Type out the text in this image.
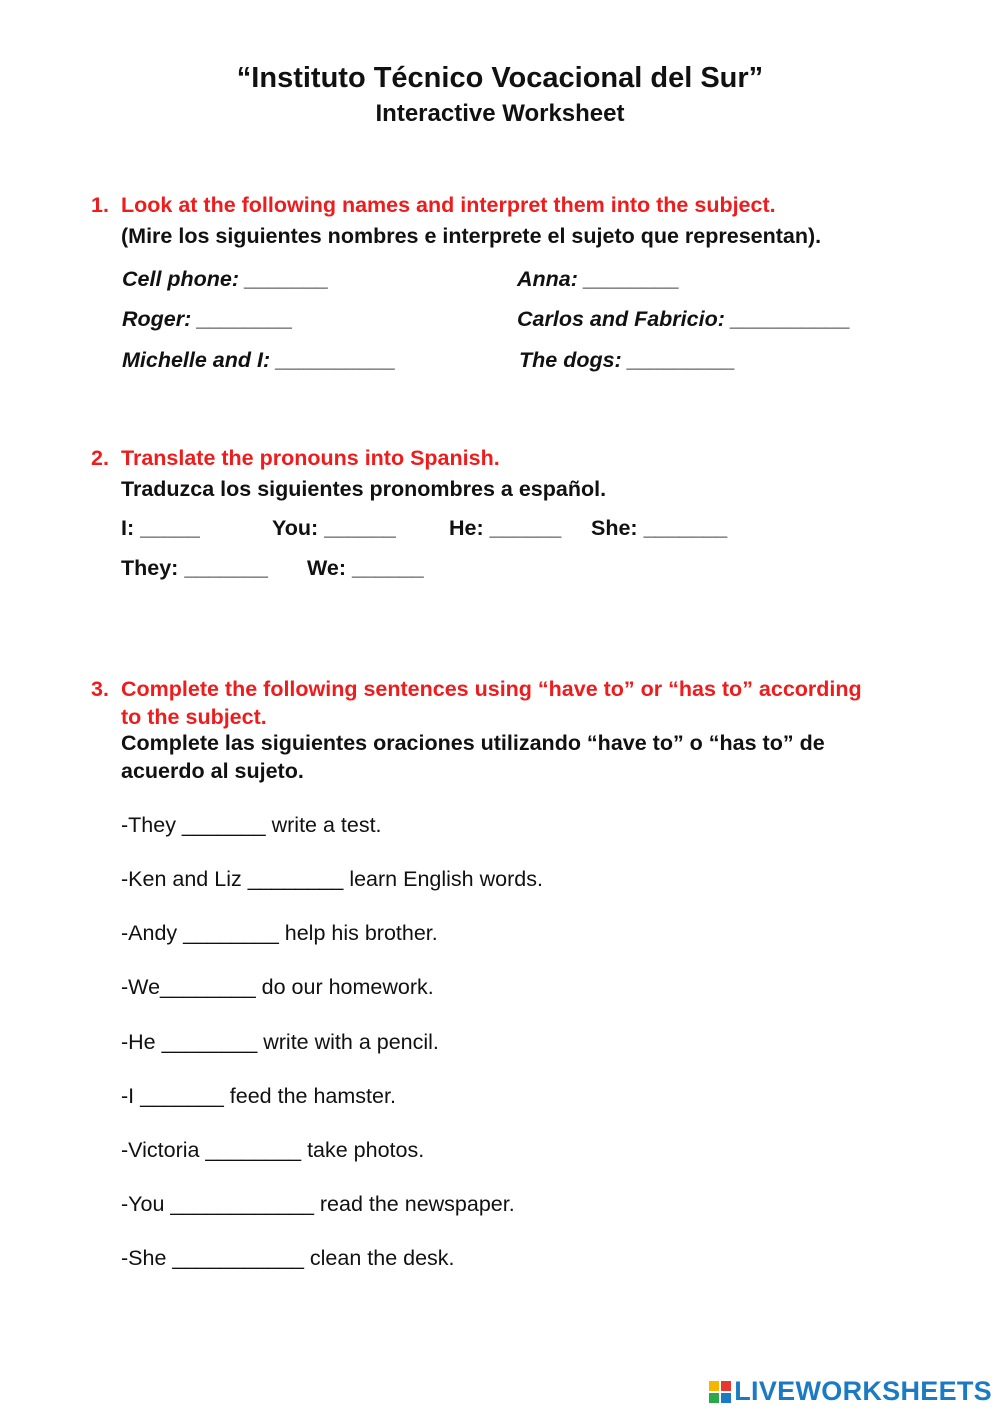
“Instituto Técnico Vocacional del Sur”
Interactive Worksheet
1. Look at the following names and interpret them into the subject.
(Mire los siguientes nombres e interprete el sujeto que representan).
Cell phone: _______	Anna: ________
Roger: ________	Carlos and Fabricio: __________
Michelle and I: __________	The dogs: _________
2. Translate the pronouns into Spanish.
Traduzca los siguientes pronombres a español.
I: _____	You: ______ He: ______ She: _______
They: _______ We: ______
3. Complete the following sentences using “have to” or “has to” according
to the subject.
Complete las siguientes oraciones utilizando “have to” o “has to” de
acuerdo al sujeto.
-They _______ write a test.
-Ken and Liz ________ learn English words.
-Andy ________ help his brother.
-We________ do our homework.
-He ________ write with a pencil.
-I _______ feed the hamster.
-Victoria ________ take photos.
-You ____________ read the newspaper.
-She ___________ clean the desk.
LIVEWORKSHEETS
